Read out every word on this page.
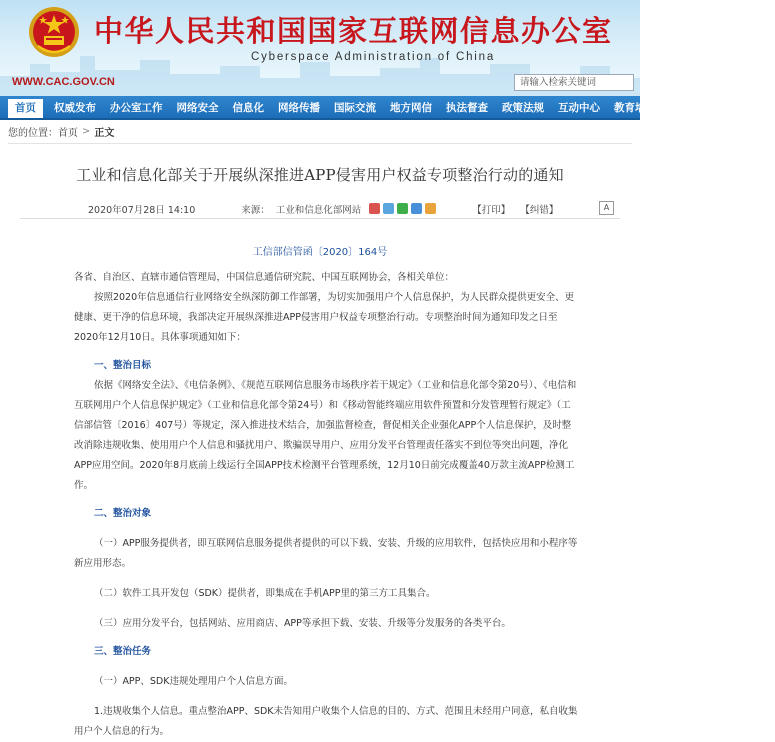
中华人民共和国国家互联网信息办公室
Cyberspace Administration of China
WWW.CAC.GOV.CN	请输入检索关键词
首页	权威发布	办公室工作	网络安全	信息化	网络传播	国际交流	地方网信	执法督查	政策法规	互动中心	教育培训	业务指导	工作专题
您的位置： 首页 > 正文
工业和信息化部关于开展纵深推进APP侵害用户权益专项整治行动的通知
2020年07月28日 14:10	来源： 工业和信息化部网站	【打印】 【纠错】	A
工信部信管函〔2020〕164号
各省、自治区、直辖市通信管理局，中国信息通信研究院、中国互联网协会，各相关单位：
按照2020年信息通信行业网络安全纵深防御工作部署，为切实加强用户个人信息保护，为人民群众提供更安全、更健康、更干净的信息环境，我部决定开展纵深推进APP侵害用户权益专项整治行动。专项整治时间为通知印发之日至2020年12月10日。具体事项通知如下：
一、整治目标
依据《网络安全法》、《电信条例》、《规范互联网信息服务市场秩序若干规定》（工业和信息化部令第20号）、《电信和互联网用户个人信息保护规定》（工业和信息化部令第24号）和《移动智能终端应用软件预置和分发管理暂行规定》（工信部信管〔2016〕407号）等规定，深入推进技术结合，加强监督检查，督促相关企业强化APP个人信息保护，及时整改消除违规收集、使用用户个人信息和骚扰用户、欺骗误导用户、应用分发平台管理责任落实不到位等突出问题，净化APP应用空间。2020年8月底前上线运行全国APP技术检测平台管理系统，12月10日前完成覆盖40万款主流APP检测工作。
二、整治对象
（一）APP服务提供者，即互联网信息服务提供者提供的可以下载、安装、升级的应用软件，包括快应用和小程序等新应用形态。
（二）软件工具开发包（SDK）提供者，即集成在手机APP里的第三方工具集合。
（三）应用分发平台，包括网站、应用商店、APP等承担下载、安装、升级等分发服务的各类平台。
三、整治任务
（一）APP、SDK违规处理用户个人信息方面。
1.违规收集个人信息。重点整治APP、SDK未告知用户收集个人信息的目的、方式、范围且未经用户同意，私自收集用户个人信息的行为。
